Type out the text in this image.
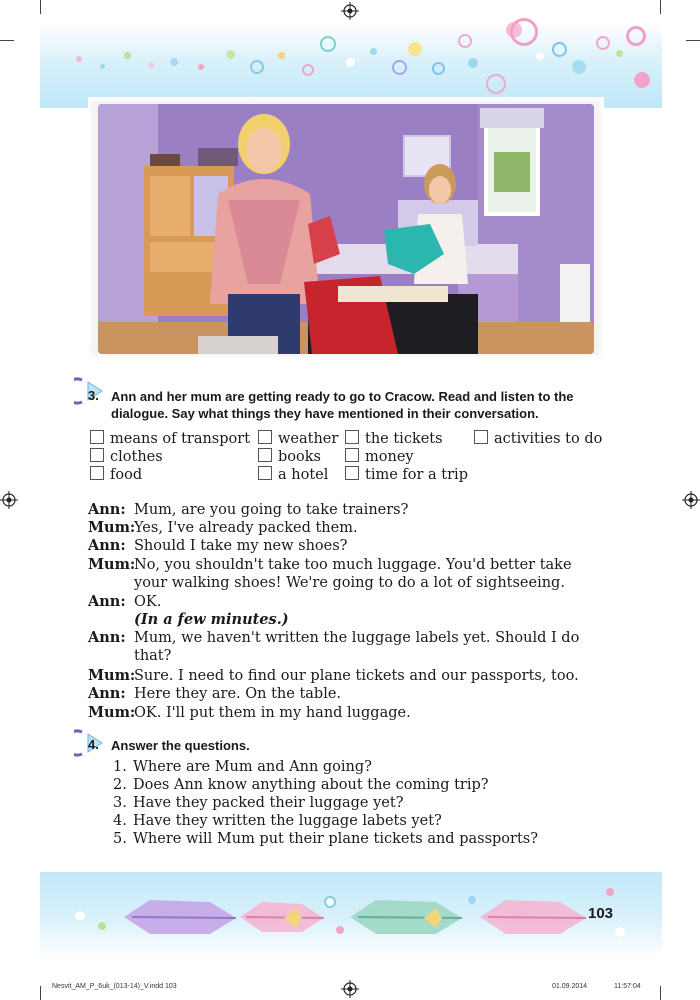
3. Ann and her mum are getting ready to go to Cracow. Read and listen to the
dialogue. Say what things they have mentioned in their conversation.
means of transport	weather	the tickets	activities to do
clothes	books	money
food	a hotel	time for a trip
Ann: Mum, are you going to take trainers?
Mum:
Yes, I've already packed them.
Ann: Should I take my new shoes?
Mum:
No, you shouldn't take too much luggage. You'd better take
your walking shoes! We're going to do a lot of sightseeing.
Ann: OK.
(In a few minutes.)
Ann: Mum, we haven't written the luggage labels yet. Should I do
that?
Mum:
Sure. I need to find our plane tickets and our passports, too.
Ann: Here they are. On the table.
Mum:
OK. I'll put them in my hand luggage.
4. Answer the questions.
1. Where are Mum and Ann going?
2. Does Ann know anything about the coming trip?
3. Have they packed their luggage yet?
4. Have they written the luggage labets yet?
5. Where will Mum put their plane tickets and passports?
103
Nesvit_AM_P_6uk_(013-14)_V.indd 103	01.09.2014	11:57:04
